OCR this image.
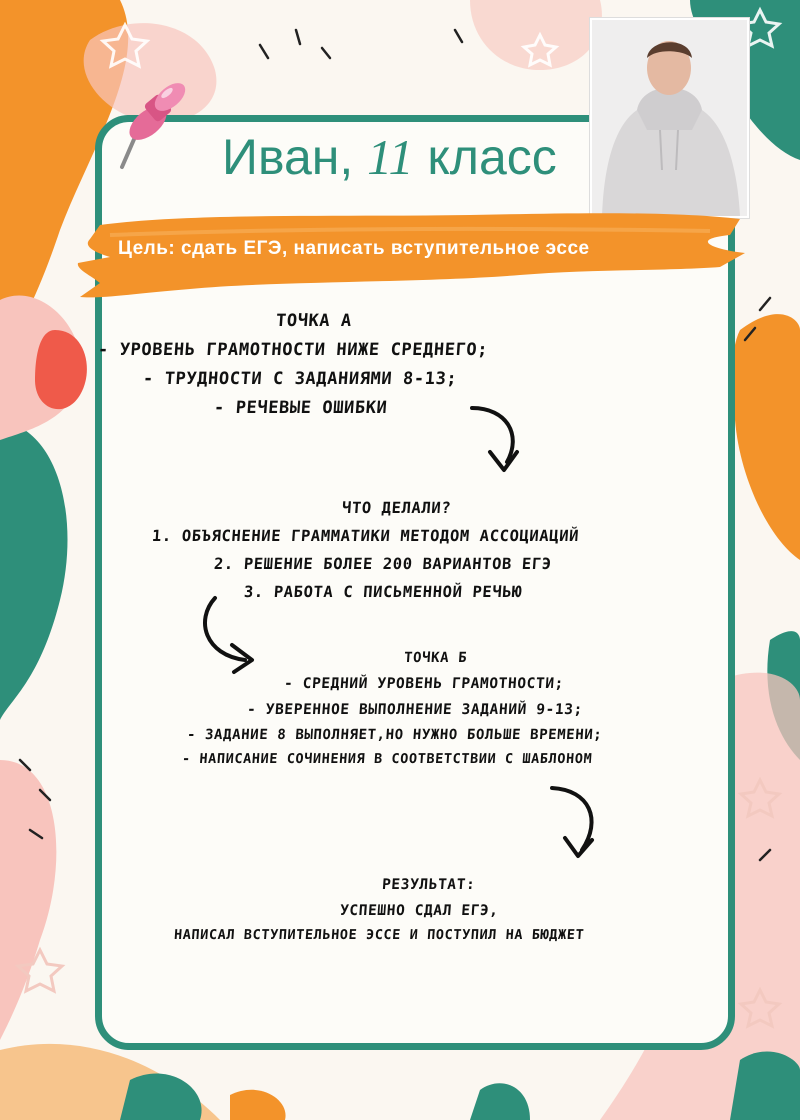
Иван, 11 класс
Цель: сдать ЕГЭ, написать вступительное эссе
ТОЧКА А
- УРОВЕНЬ ГРАМОТНОСТИ НИЖЕ СРЕДНЕГО;
- ТРУДНОСТИ С ЗАДАНИЯМИ 8-13;
- РЕЧЕВЫЕ ОШИБКИ
ЧТО ДЕЛАЛИ?
1. ОБЪЯСНЕНИЕ ГРАММАТИКИ МЕТОДОМ АССОЦИАЦИЙ
2. РЕШЕНИЕ БОЛЕЕ 200 ВАРИАНТОВ ЕГЭ
3. РАБОТА С ПИСЬМЕННОЙ РЕЧЬЮ
ТОЧКА Б
- СРЕДНИЙ УРОВЕНЬ ГРАМОТНОСТИ;
- УВЕРЕННОЕ ВЫПОЛНЕНИЕ ЗАДАНИЙ 9-13;
- ЗАДАНИЕ 8 ВЫПОЛНЯЕТ,НО НУЖНО БОЛЬШЕ ВРЕМЕНИ;
- НАПИСАНИЕ СОЧИНЕНИЯ В СООТВЕТСТВИИ С ШАБЛОНОМ
РЕЗУЛЬТАТ:
УСПЕШНО СДАЛ ЕГЭ,
НАПИСАЛ ВСТУПИТЕЛЬНОЕ ЭССЕ И ПОСТУПИЛ НА БЮДЖЕТ
